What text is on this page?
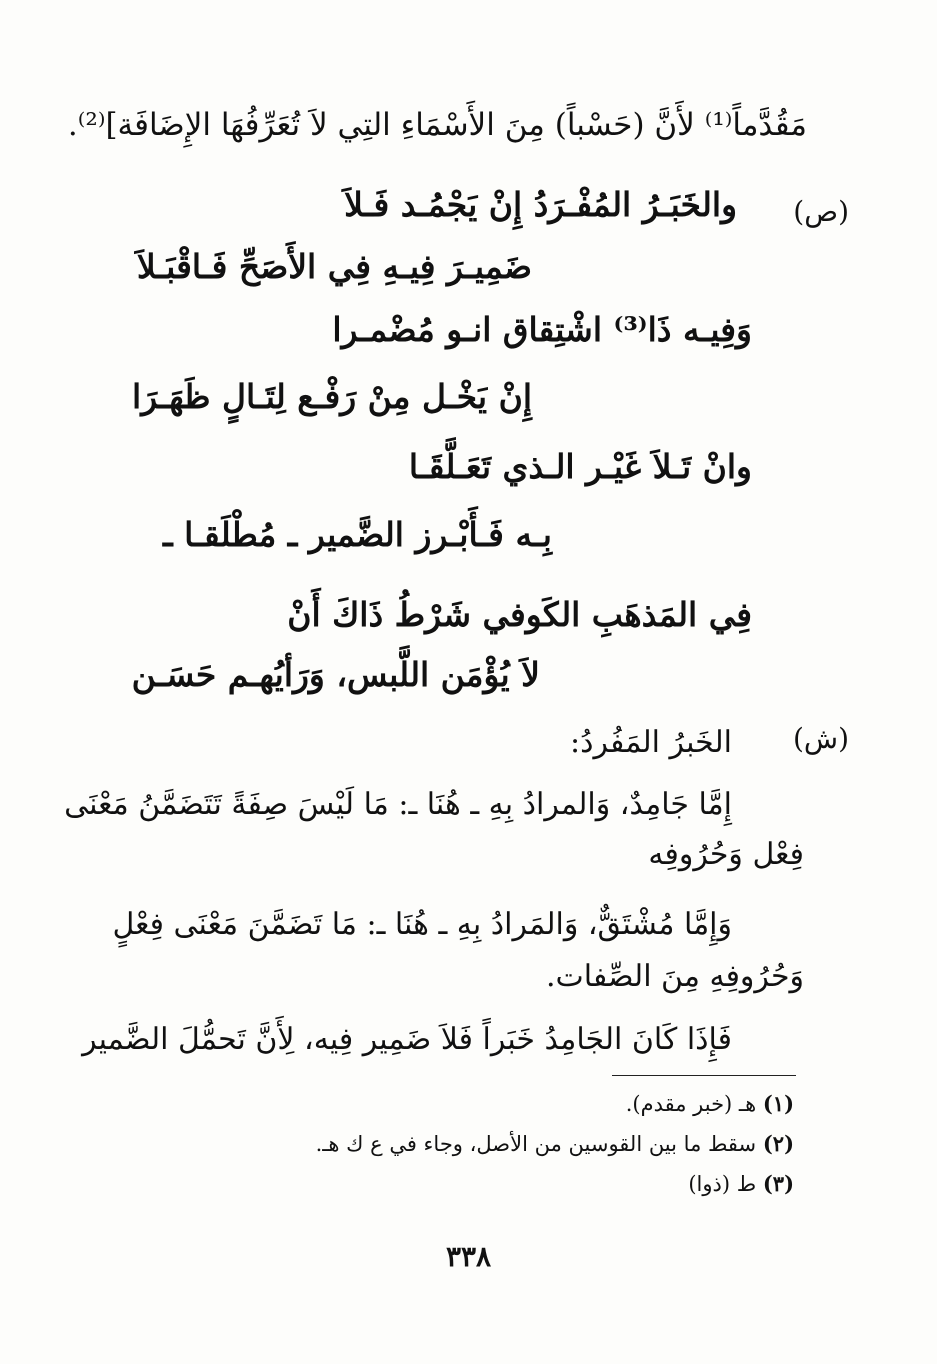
مَقُدَّماً⁽¹⁾ لأَنَّ (حَسْباً) مِنَ الأَسْمَاءِ التِي لاَ تُعَرِّفُهَا الإِضَافَة]⁽²⁾.
(ص)
والخَبَـرُ المُفْـرَدُ إِنْ يَجْمُـد فَـلاَ
ضَمِيـرَ فِيـهِ فِي الأَصَحِّ فَـاقْبَـلاَ
وَفِيـه ذَا⁽³⁾ اشْتِقاق انـو مُضْمـرا
إِنْ يَخْـل مِنْ رَفْـع لِتَـالٍ ظَهَـرَا
وانْ تَـلاَ غَيْـر الـذي تَعَـلَّقَـا
بِـه فَـأَبْـرز الضَّمير ـ مُطْلَقـا ـ
فِي المَذهَبِ الكَوفي شَرْطُ ذَاكَ أَنْ
لاَ يُؤْمَن اللَّبس، وَرَأيُهـم حَسَـن
(ش)
الخَبرُ المَفُردُ:
إِمَّا جَامِدٌ، وَالمرادُ بِهِ ـ هُنَا ـ: مَا لَيْسَ صِفَةً تَتَضَمَّنُ مَعْنَى
فِعْل وَحُرُوفِه
وَإِمَّا مُشْتَقٌّ، وَالمَرادُ بِهِ ـ هُنَا ـ: مَا تَضَمَّنَ مَعْنَى فِعْلٍ
وَحُرُوفِهِ مِنَ الصِّفات.
فَإِذَا كَانَ الجَامِدُ خَبَراً فَلاَ ضَمِير فِيه، لِأَنَّ تَحمُّلَ الضَّمير
(١) هـ (خبر مقدم).
(٢) سقط ما بين القوسين من الأصل، وجاء في ع ك هـ.
(٣) ط (ذوا)
٣٣٨
